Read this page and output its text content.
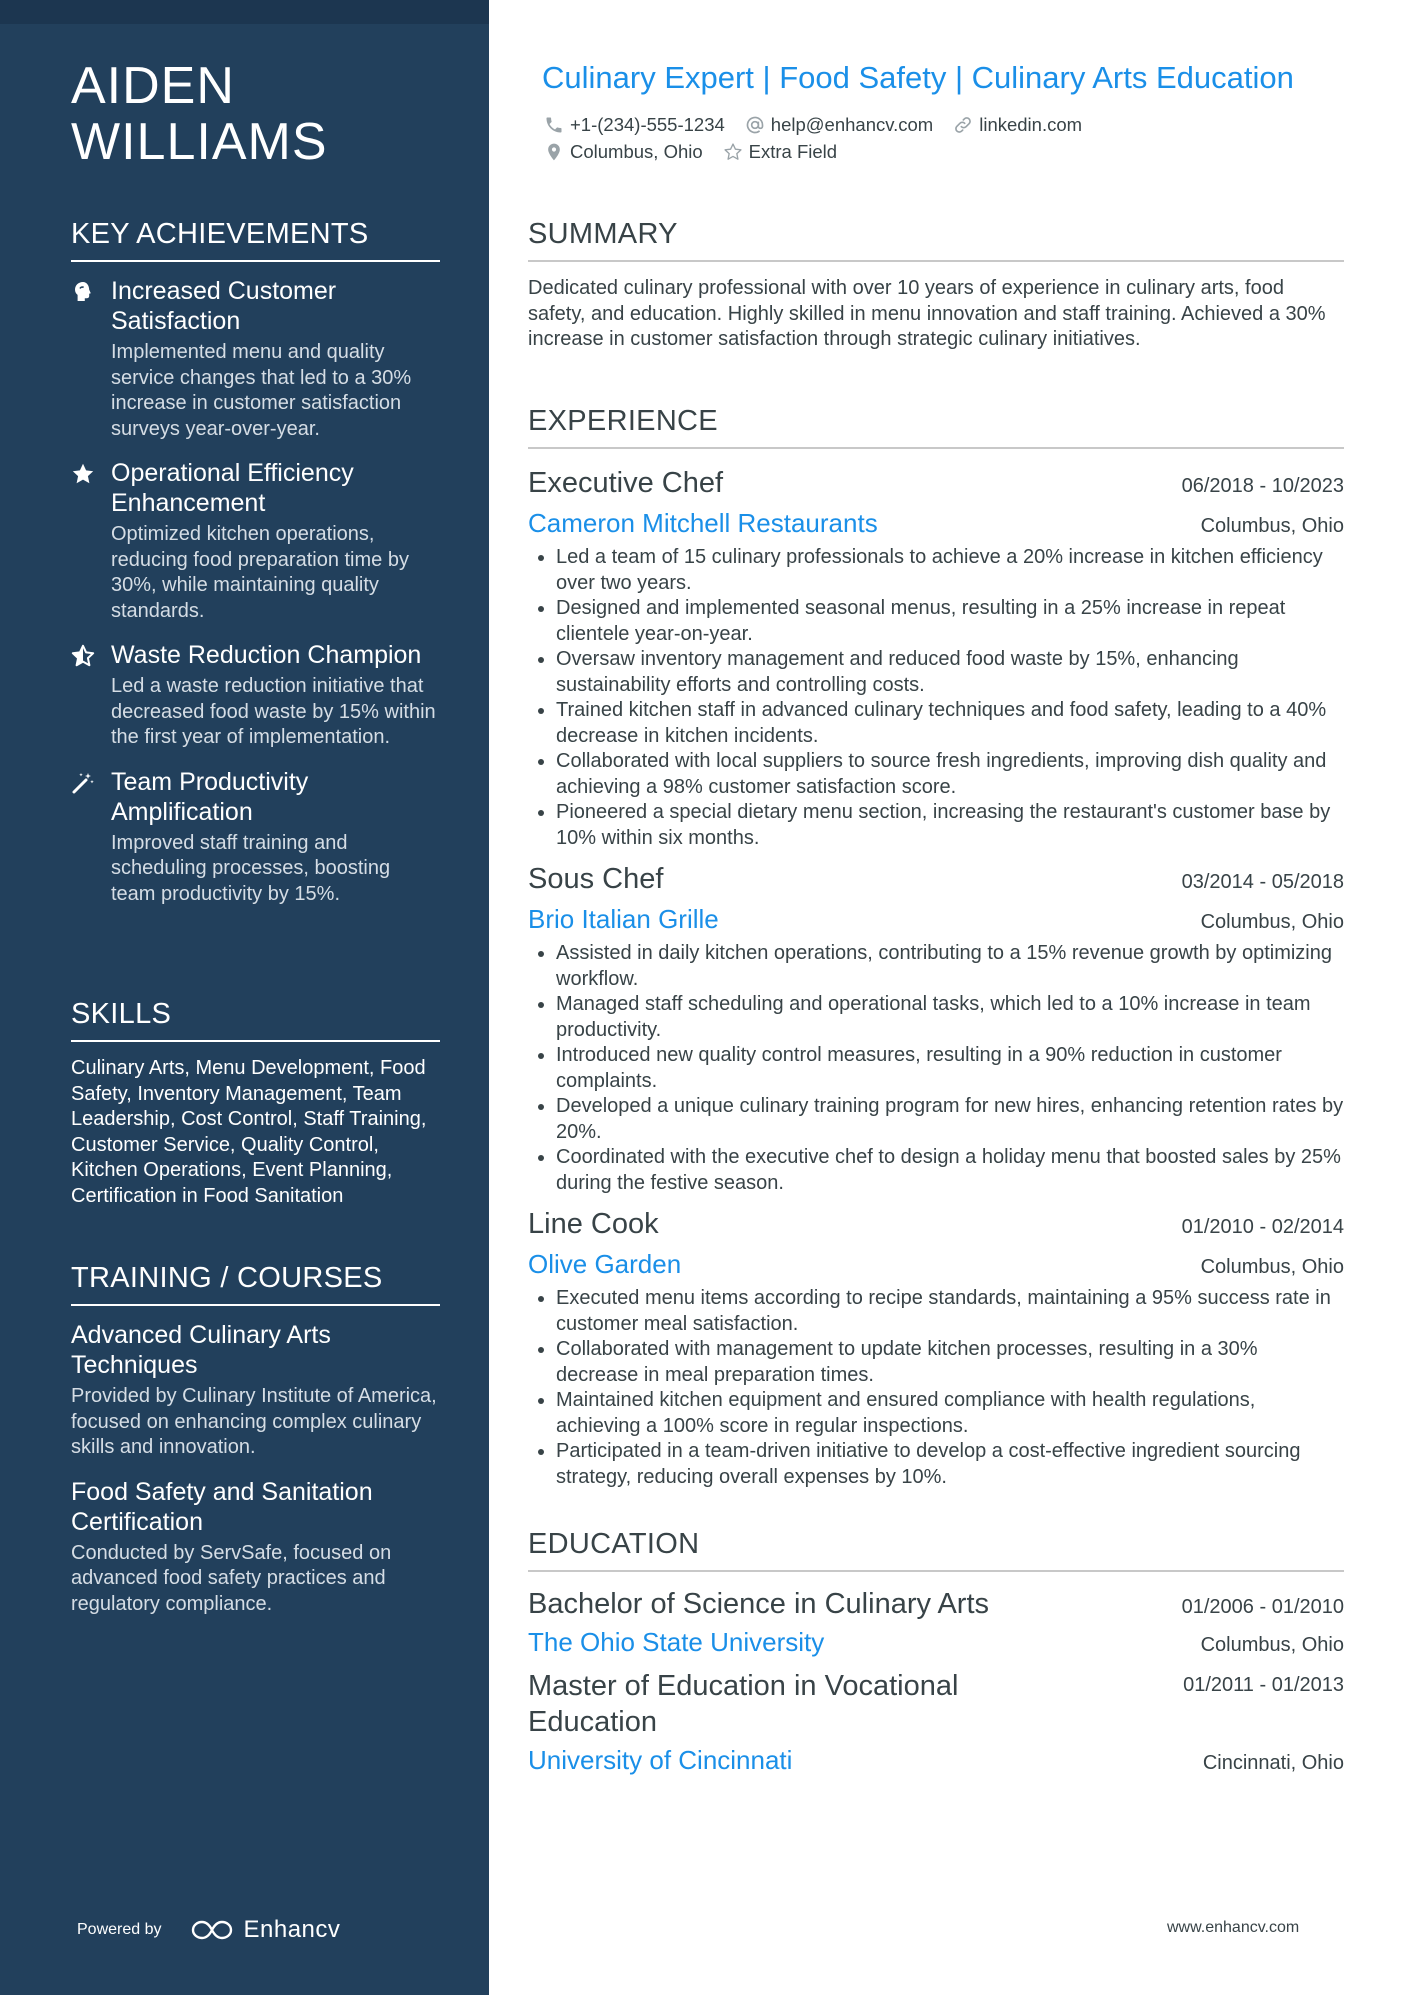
AIDEN WILLIAMS
KEY ACHIEVEMENTS
Increased Customer Satisfaction
Implemented menu and quality service changes that led to a 30% increase in customer satisfaction surveys year-over-year.
Operational Efficiency Enhancement
Optimized kitchen operations, reducing food preparation time by 30%, while maintaining quality standards.
Waste Reduction Champion
Led a waste reduction initiative that decreased food waste by 15% within the first year of implementation.
Team Productivity Amplification
Improved staff training and scheduling processes, boosting team productivity by 15%.
SKILLS
Culinary Arts, Menu Development, Food Safety, Inventory Management, Team Leadership, Cost Control, Staff Training, Customer Service, Quality Control, Kitchen Operations, Event Planning, Certification in Food Sanitation
TRAINING / COURSES
Advanced Culinary Arts Techniques
Provided by Culinary Institute of America, focused on enhancing complex culinary skills and innovation.
Food Safety and Sanitation Certification
Conducted by ServSafe, focused on advanced food safety practices and regulatory compliance.
Powered by	Enhancv
Culinary Expert | Food Safety | Culinary Arts Education
+1-(234)-555-1234 help@enhancv.com linkedin.com
Columbus, Ohio Extra Field
SUMMARY
Dedicated culinary professional with over 10 years of experience in culinary arts, food safety, and education. Highly skilled in menu innovation and staff training. Achieved a 30% increase in customer satisfaction through strategic culinary initiatives.
EXPERIENCE
Executive Chef	06/2018 - 10/2023
Cameron Mitchell Restaurants	Columbus, Ohio
• Led a team of 15 culinary professionals to achieve a 20% increase in kitchen efficiency over two years.
• Designed and implemented seasonal menus, resulting in a 25% increase in repeat clientele year-on-year.
• Oversaw inventory management and reduced food waste by 15%, enhancing sustainability efforts and controlling costs.
• Trained kitchen staff in advanced culinary techniques and food safety, leading to a 40% decrease in kitchen incidents.
• Collaborated with local suppliers to source fresh ingredients, improving dish quality and achieving a 98% customer satisfaction score.
• Pioneered a special dietary menu section, increasing the restaurant's customer base by 10% within six months.
Sous Chef	03/2014 - 05/2018
Brio Italian Grille	Columbus, Ohio
• Assisted in daily kitchen operations, contributing to a 15% revenue growth by optimizing workflow.
• Managed staff scheduling and operational tasks, which led to a 10% increase in team productivity.
• Introduced new quality control measures, resulting in a 90% reduction in customer complaints.
• Developed a unique culinary training program for new hires, enhancing retention rates by 20%.
• Coordinated with the executive chef to design a holiday menu that boosted sales by 25% during the festive season.
Line Cook	01/2010 - 02/2014
Olive Garden	Columbus, Ohio
• Executed menu items according to recipe standards, maintaining a 95% success rate in customer meal satisfaction.
• Collaborated with management to update kitchen processes, resulting in a 30% decrease in meal preparation times.
• Maintained kitchen equipment and ensured compliance with health regulations, achieving a 100% score in regular inspections.
• Participated in a team-driven initiative to develop a cost-effective ingredient sourcing strategy, reducing overall expenses by 10%.
EDUCATION
Bachelor of Science in Culinary Arts	01/2006 - 01/2010
The Ohio State University	Columbus, Ohio
Master of Education in Vocational Education
01/2011 - 01/2013
University of Cincinnati	Cincinnati, Ohio
www.enhancv.com
